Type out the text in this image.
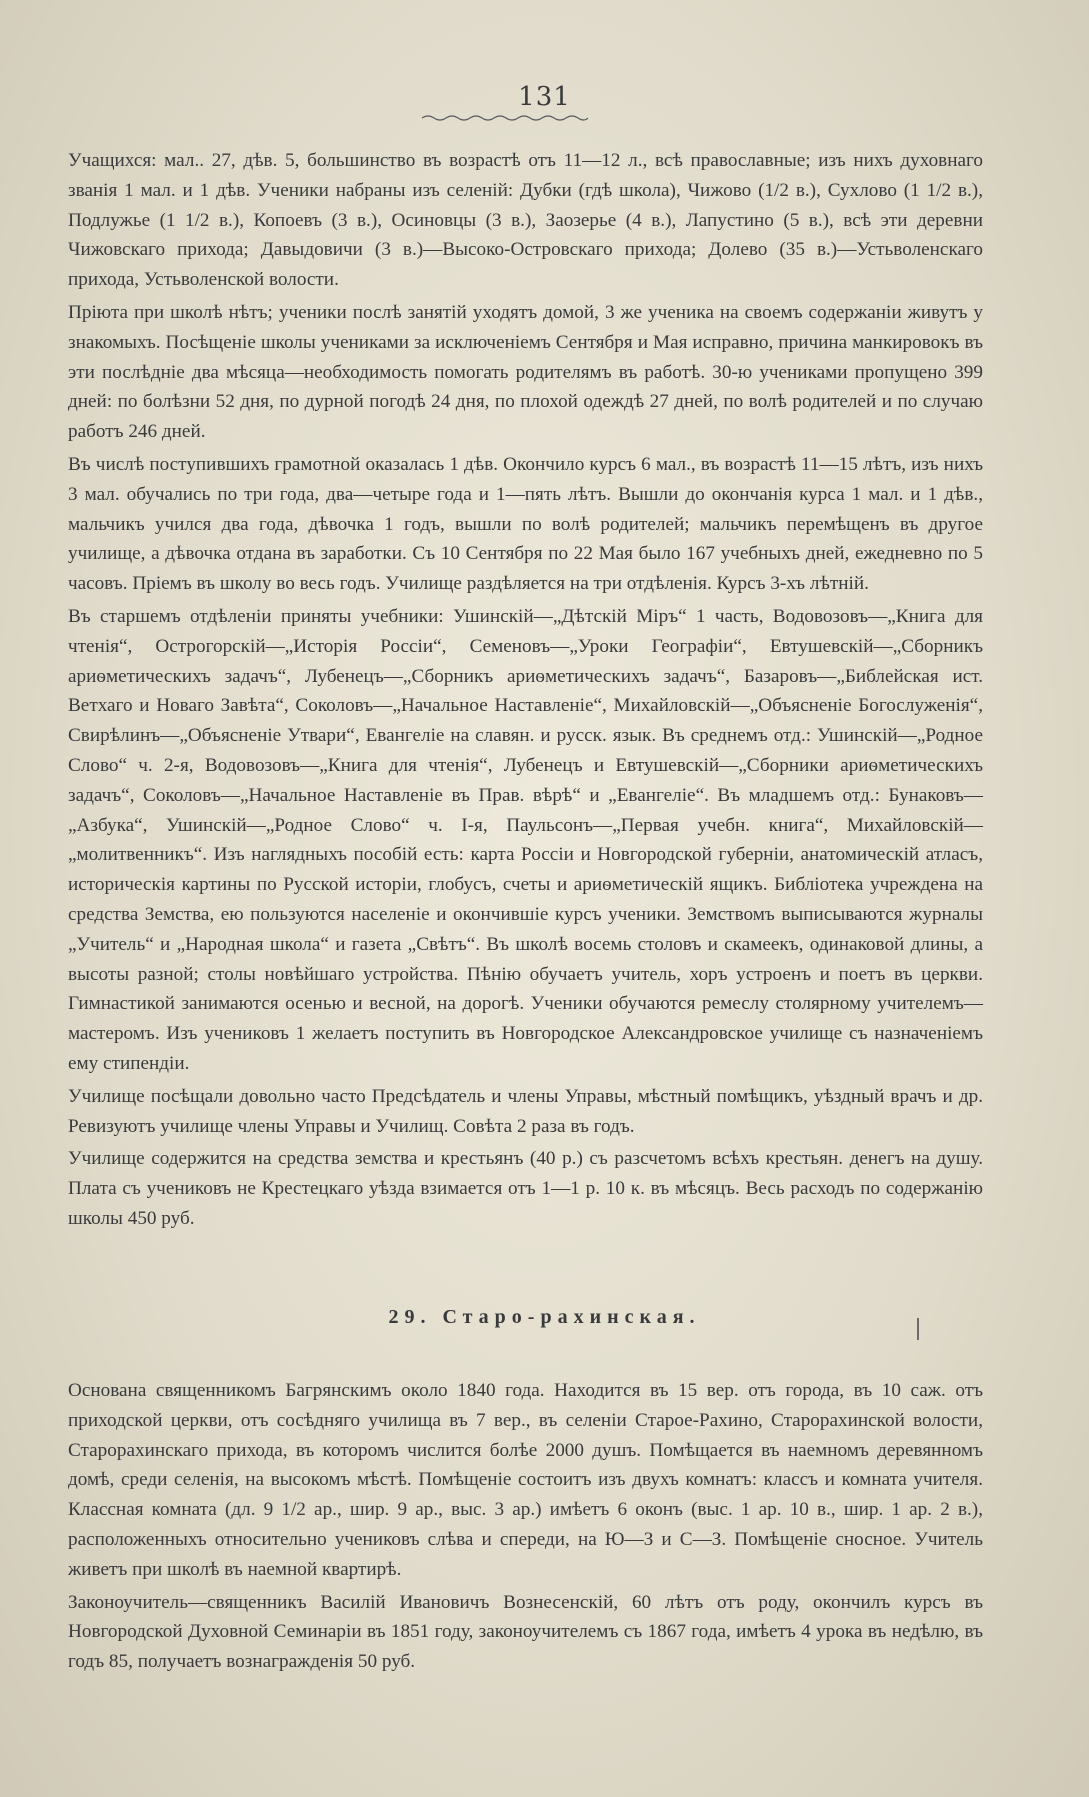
131

Учащихся: мал.. 27, дѣв. 5, большинство въ возрастѣ отъ 11—12 л., всѣ православные; изъ нихъ духовнаго званія 1 мал. и 1 дѣв. Ученики набраны изъ селеній: Дубки (гдѣ школа), Чижово (1/2 в.), Сухлово (1 1/2 в.), Подлужье (1 1/2 в.), Копоевъ (3 в.), Осиновцы (3 в.), Заозерье (4 в.), Лапустино (5 в.), всѣ эти деревни Чижовскаго прихода; Давыдовичи (3 в.)—Высоко-Островскаго прихода; Долево (35 в.)—Устьволенскаго прихода, Устьволенской волости.

Пріюта при школѣ нѣтъ; ученики послѣ занятій уходятъ домой, 3 же ученика на своемъ содержаніи живутъ у знакомыхъ. Посѣщеніе школы учениками за исключеніемъ Сентября и Мая исправно, причина манкировокъ въ эти послѣдніе два мѣсяца—необходимость помогать родителямъ въ работѣ. 30-ю учениками пропущено 399 дней: по болѣзни 52 дня, по дурной погодѣ 24 дня, по плохой одеждѣ 27 дней, по волѣ родителей и по случаю работъ 246 дней.

Въ числѣ поступившихъ грамотной оказалась 1 дѣв. Окончило курсъ 6 мал., въ возрастѣ 11—15 лѣтъ, изъ нихъ 3 мал. обучались по три года, два—четыре года и 1—пять лѣтъ. Вышли до окончанія курса 1 мал. и 1 дѣв., мальчикъ учился два года, дѣвочка 1 годъ, вышли по волѣ родителей; мальчикъ перемѣщенъ въ другое училище, а дѣвочка отдана въ заработки. Съ 10 Сентября по 22 Мая было 167 учебныхъ дней, ежедневно по 5 часовъ. Пріемъ въ школу во весь годъ. Училище раздѣляется на три отдѣленія. Курсъ 3-хъ лѣтній.

Въ старшемъ отдѣленіи приняты учебники: Ушинскій—„Дѣтскій Міръ“ 1 часть, Водовозовъ—„Книга для чтенія“, Острогорскій—„Исторія Россіи“, Семеновъ—„Уроки Географіи“, Евтушевскій—„Сборникъ ариѳметическихъ задачъ“, Лубенецъ—„Сборникъ ариѳметическихъ задачъ“, Базаровъ—„Библейская ист. Ветхаго и Новаго Завѣта“, Соколовъ—„Начальное Наставленіе“, Михайловскій—„Объясненіе Богослуженія“, Свирѣлинъ—„Объясненіе Утвари“, Евангеліе на славян. и русск. язык. Въ среднемъ отд.: Ушинскій—„Родное Слово“ ч. 2-я, Водовозовъ—„Книга для чтенія“, Лубенецъ и Евтушевскій—„Сборники ариѳметическихъ задачъ“, Соколовъ—„Начальное Наставленіе въ Прав. вѣрѣ“ и „Евангеліе“. Въ младшемъ отд.: Бунаковъ—„Азбука“, Ушинскій—„Родное Слово“ ч. I-я, Паульсонъ—„Первая учебн. книга“, Михайловскій—„молитвенникъ“. Изъ наглядныхъ пособій есть: карта Россіи и Новгородской губерніи, анатомическій атласъ, историческія картины по Русской исторіи, глобусъ, счеты и ариѳметическій ящикъ. Библіотека учреждена на средства Земства, ею пользуются населеніе и окончившіе курсъ ученики. Земствомъ выписываются журналы „Учитель“ и „Народная школа“ и газета „Свѣтъ“. Въ школѣ восемь столовъ и скамеекъ, одинаковой длины, а высоты разной; столы новѣйшаго устройства. Пѣнію обучаетъ учитель, хоръ устроенъ и поетъ въ церкви. Гимнастикой занимаются осенью и весной, на дорогѣ. Ученики обучаются ремеслу столярному учителемъ—мастеромъ. Изъ учениковъ 1 желаетъ поступить въ Новгородское Александровское училище съ назначеніемъ ему стипендіи.

Училище посѣщали довольно часто Предсѣдатель и члены Управы, мѣстный помѣщикъ, уѣздный врачъ и др. Ревизуютъ училище члены Управы и Училищ. Совѣта 2 раза въ годъ.

Училище содержится на средства земства и крестьянъ (40 р.) съ разсчетомъ всѣхъ крестьян. денегъ на душу. Плата съ учениковъ не Крестецкаго уѣзда взимается отъ 1—1 р. 10 к. въ мѣсяцъ. Весь расходъ по содержанію школы 450 руб.

29. Старо-рахинская.

Основана священникомъ Багрянскимъ около 1840 годa. Находится въ 15 вер. отъ города, въ 10 саж. отъ приходской церкви, отъ сосѣдняго училища въ 7 вер., въ селеніи Старое-Рахино, Старорахинской волости, Старорахинскаго прихода, въ которомъ числится болѣе 2000 душъ. Помѣщается въ наемномъ деревянномъ домѣ, среди селенія, на высокомъ мѣстѣ. Помѣщеніе состоитъ изъ двухъ комнатъ: классъ и комната учителя. Классная комната (дл. 9 1/2 ар., шир. 9 ар., выс. 3 ар.) имѣетъ 6 оконъ (выс. 1 ар. 10 в., шир. 1 ар. 2 в.), расположенныхъ относительно учениковъ слѣва и спереди, на Ю—З и С—З. Помѣщеніе сносное. Учитель живетъ при школѣ въ наемной квартирѣ.

Законоучитель—священникъ Василій Ивановичъ Вознесенскій, 60 лѣтъ отъ роду, окончилъ курсъ въ Новгородской Духовной Семинаріи въ 1851 году, законоучителемъ съ 1867 года, имѣетъ 4 урока въ недѣлю, въ годъ 85, получаетъ вознагражденія 50 руб.
